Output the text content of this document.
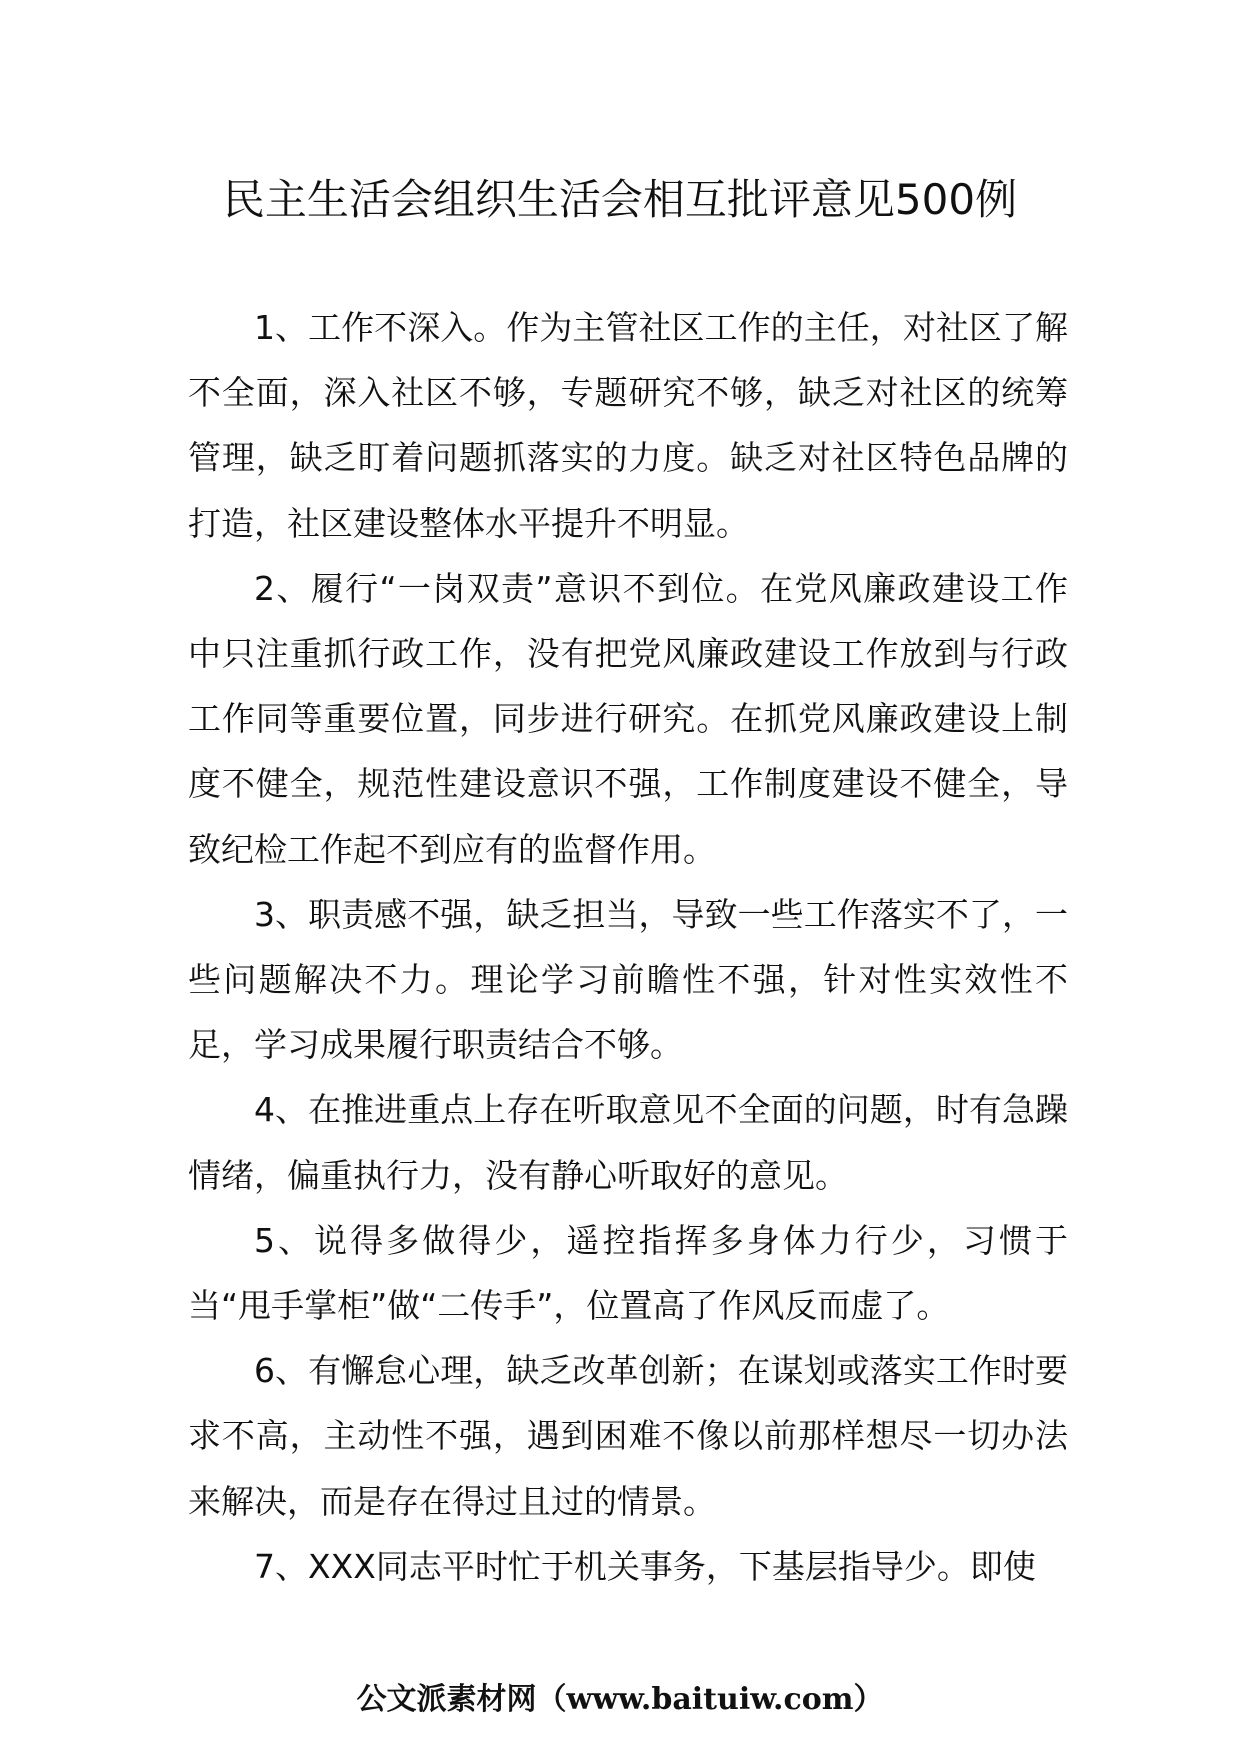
民主生活会组织生活会相互批评意见500例

1、工作不深入。作为主管社区工作的主任，对社区了解不全面，深入社区不够，专题研究不够，缺乏对社区的统筹管理，缺乏盯着问题抓落实的力度。缺乏对社区特色品牌的打造，社区建设整体水平提升不明显。

2、履行“一岗双责”意识不到位。在党风廉政建设工作中只注重抓行政工作，没有把党风廉政建设工作放到与行政工作同等重要位置，同步进行研究。在抓党风廉政建设上制度不健全，规范性建设意识不强，工作制度建设不健全，导致纪检工作起不到应有的监督作用。

3、职责感不强，缺乏担当，导致一些工作落实不了，一些问题解决不力。理论学习前瞻性不强，针对性实效性不足，学习成果履行职责结合不够。

4、在推进重点上存在听取意见不全面的问题，时有急躁情绪，偏重执行力，没有静心听取好的意见。

5、说得多做得少，遥控指挥多身体力行少，习惯于当“甩手掌柜”做“二传手”，位置高了作风反而虚了。

6、有懈怠心理，缺乏改革创新；在谋划或落实工作时要求不高，主动性不强，遇到困难不像以前那样想尽一切办法来解决，而是存在得过且过的情景。

7、XXX同志平时忙于机关事务，下基层指导少。即使

公文派素材网（www.baituiw.com）
